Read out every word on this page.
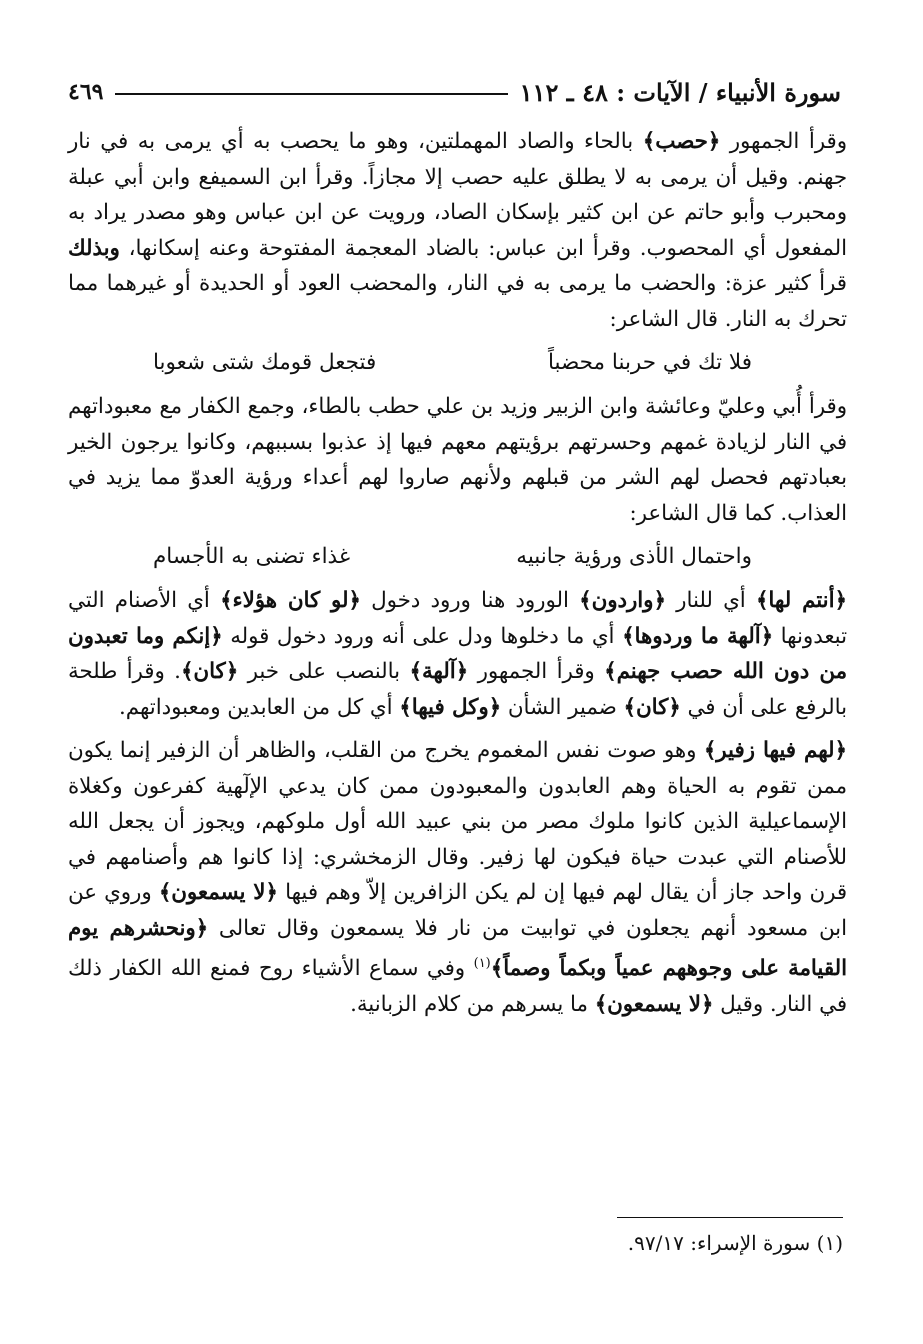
سورة الأنبياء / الآيات : ٤٨ ـ ١١٢
٤٦٩

وقرأ الجمهور ﴿حصب﴾ بالحاء والصاد المهملتين، وهو ما يحصب به أي يرمى به في نار جهنم. وقيل أن يرمى به لا يطلق عليه حصب إلا مجازاً. وقرأ ابن السميفع وابن أبي عبلة ومحبرب وأبو حاتم عن ابن كثير بإسكان الصاد، ورويت عن ابن عباس وهو مصدر يراد به المفعول أي المحصوب. وقرأ ابن عباس: بالضاد المعجمة المفتوحة وعنه إسكانها، وبذلك قرأ كثير عزة: والحضب ما يرمى به في النار، والمحضب العود أو الحديدة أو غيرهما مما تحرك به النار. قال الشاعر:

فلا تك في حربنا محضباً
فتجعل قومك شتى شعوبا

وقرأ أُبي وعليّ وعائشة وابن الزبير وزيد بن علي حطب بالطاء، وجمع الكفار مع معبوداتهم في النار لزيادة غمهم وحسرتهم برؤيتهم معهم فيها إذ عذبوا بسببهم، وكانوا يرجون الخير بعبادتهم فحصل لهم الشر من قبلهم ولأنهم صاروا لهم أعداء ورؤية العدوّ مما يزيد في العذاب. كما قال الشاعر:

واحتمال الأذى ورؤية جانبيه
غذاء تضنى به الأجسام

﴿أنتم لها﴾ أي للنار ﴿واردون﴾ الورود هنا ورود دخول ﴿لو كان هؤلاء﴾ أي الأصنام التي تبعدونها ﴿آلهة ما وردوها﴾ أي ما دخلوها ودل على أنه ورود دخول قوله ﴿إنكم وما تعبدون من دون الله حصب جهنم﴾ وقرأ الجمهور ﴿آلهة﴾ بالنصب على خبر ﴿كان﴾. وقرأ طلحة بالرفع على أن في ﴿كان﴾ ضمير الشأن ﴿وكل فيها﴾ أي كل من العابدين ومعبوداتهم.

﴿لهم فيها زفير﴾ وهو صوت نفس المغموم يخرج من القلب، والظاهر أن الزفير إنما يكون ممن تقوم به الحياة وهم العابدون والمعبودون ممن كان يدعي الإلٓهية كفرعون وكغلاة الإسماعيلية الذين كانوا ملوك مصر من بني عبيد الله أول ملوكهم، ويجوز أن يجعل الله للأصنام التي عبدت حياة فيكون لها زفير. وقال الزمخشري: إذا كانوا هم وأصنامهم في قرن واحد جاز أن يقال لهم فيها إن لم يكن الزافرين إلاّ وهم فيها ﴿لا يسمعون﴾ وروي عن ابن مسعود أنهم يجعلون في توابيت من نار فلا يسمعون وقال تعالى ﴿ونحشرهم يوم القيامة على وجوههم عمياً وبكماً وصماً﴾$^{(١)}$ وفي سماع الأشياء روح فمنع الله الكفار ذلك في النار. وقيل ﴿لا يسمعون﴾ ما يسرهم من كلام الزبانية.

(١) سورة الإسراء: ٩٧/١٧.
